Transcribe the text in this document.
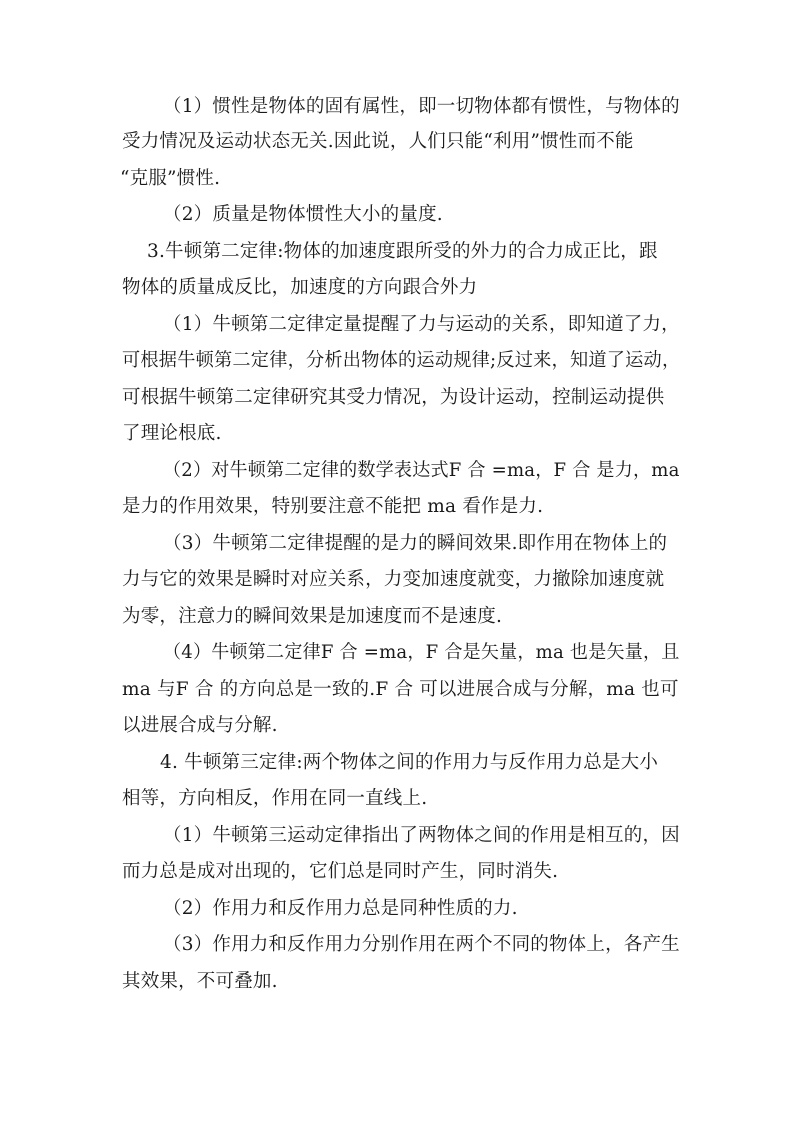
（1）惯性是物体的固有属性，即一切物体都有惯性，与物体的
受力情况及运动状态无关.因此说，人们只能“利用”惯性而不能
“克服”惯性.
（2）质量是物体惯性大小的量度.
3.牛顿第二定律:物体的加速度跟所受的外力的合力成正比，跟
物体的质量成反比，加速度的方向跟合外力
（1）牛顿第二定律定量提醒了力与运动的关系，即知道了力，
可根据牛顿第二定律，分析出物体的运动规律;反过来，知道了运动，
可根据牛顿第二定律研究其受力情况，为设计运动，控制运动提供
了理论根底.
（2）对牛顿第二定律的数学表达式F 合 =ma，F 合 是力，ma
是力的作用效果，特别要注意不能把 ma 看作是力.
（3）牛顿第二定律提醒的是力的瞬间效果.即作用在物体上的
力与它的效果是瞬时对应关系，力变加速度就变，力撤除加速度就
为零，注意力的瞬间效果是加速度而不是速度.
（4）牛顿第二定律F 合 =ma，F 合是矢量，ma 也是矢量，且
ma 与F 合 的方向总是一致的.F 合 可以进展合成与分解，ma 也可
以进展合成与分解.
4. 牛顿第三定律:两个物体之间的作用力与反作用力总是大小
相等，方向相反，作用在同一直线上.
（1）牛顿第三运动定律指出了两物体之间的作用是相互的，因
而力总是成对出现的，它们总是同时产生，同时消失.
（2）作用力和反作用力总是同种性质的力.
（3）作用力和反作用力分别作用在两个不同的物体上，各产生
其效果，不可叠加.
